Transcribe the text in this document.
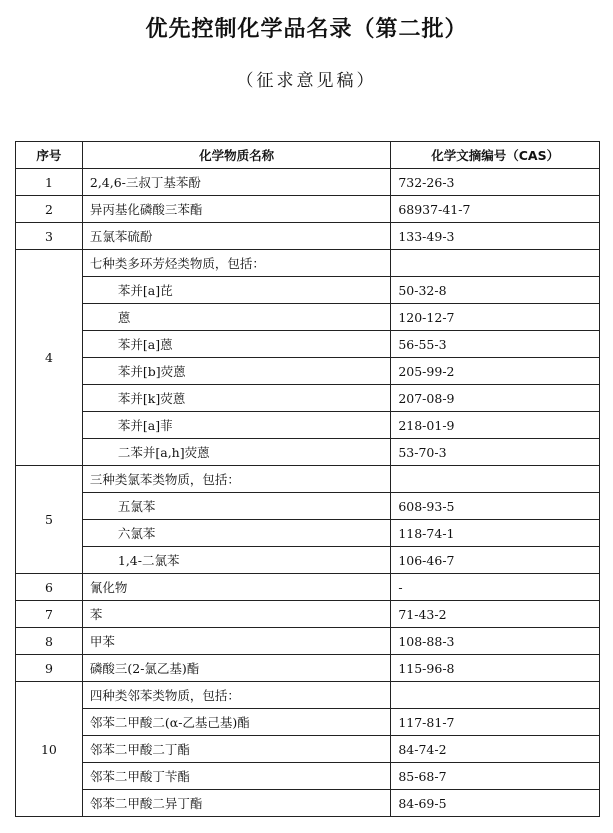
优先控制化学品名录（第二批）
（征求意见稿）
序号	化学物质名称	化学文摘编号（CAS）
1	2,4,6-三叔丁基苯酚	732-26-3
2	异丙基化磷酸三苯酯	68937-41-7
3	五氯苯硫酚	133-49-3
4	七种类多环芳烃类物质，包括：	
	苯并[a]芘	50-32-8
	蒽	120-12-7
	苯并[a]蒽	56-55-3
	苯并[b]荧蒽	205-99-2
	苯并[k]荧蒽	207-08-9
	苯并[a]菲	218-01-9
	二苯并[a,h]荧蒽	53-70-3
5	三种类氯苯类物质，包括：	
	五氯苯	608-93-5
	六氯苯	118-74-1
	1,4-二氯苯	106-46-7
6	氰化物	-
7	苯	71-43-2
8	甲苯	108-88-3
9	磷酸三(2-氯乙基)酯	115-96-8
10	四种类邻苯类物质，包括：	
	邻苯二甲酸二(α-乙基己基)酯	117-81-7
	邻苯二甲酸二丁酯	84-74-2
	邻苯二甲酸丁苄酯	85-68-7
	邻苯二甲酸二异丁酯	84-69-5
